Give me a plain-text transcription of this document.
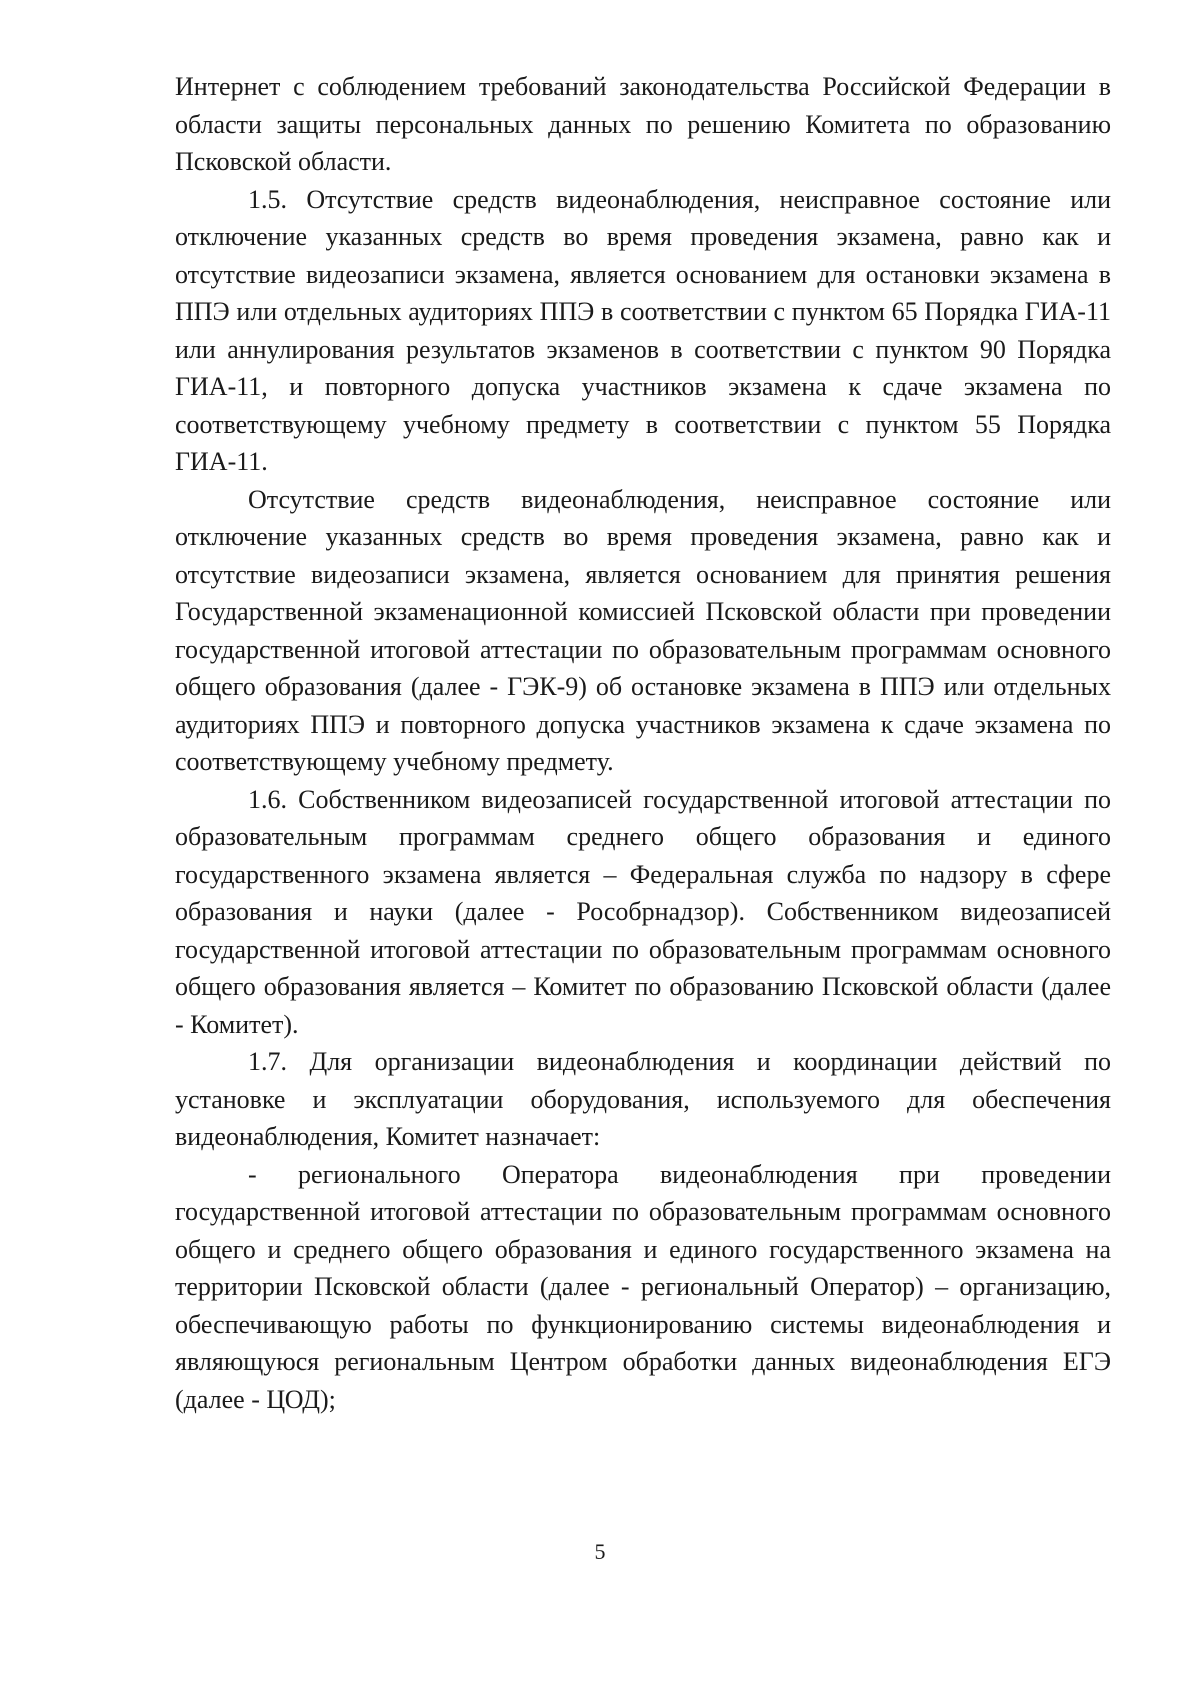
Интернет с соблюдением требований законодательства Российской Федерации в области защиты персональных данных по решению Комитета по образованию Псковской области.

1.5. Отсутствие средств видеонаблюдения, неисправное состояние или отключение указанных средств во время проведения экзамена, равно как и отсутствие видеозаписи экзамена, является основанием для остановки экзамена в ППЭ или отдельных аудиториях ППЭ в соответствии с пунктом 65 Порядка ГИА-11 или аннулирования результатов экзаменов в соответствии с пунктом 90 Порядка ГИА-11, и повторного допуска участников экзамена к сдаче экзамена по соответствующему учебному предмету в соответствии с пунктом 55 Порядка ГИА-11.

Отсутствие средств видеонаблюдения, неисправное состояние или отключение указанных средств во время проведения экзамена, равно как и отсутствие видеозаписи экзамена, является основанием для принятия решения Государственной экзаменационной комиссией Псковской области при проведении государственной итоговой аттестации по образовательным программам основного общего образования (далее - ГЭК-9) об остановке экзамена в ППЭ или отдельных аудиториях ППЭ и повторного допуска участников экзамена к сдаче экзамена по соответствующему учебному предмету.

1.6. Собственником видеозаписей государственной итоговой аттестации по образовательным программам среднего общего образования и единого государственного экзамена является – Федеральная служба по надзору в сфере образования и науки (далее - Рособрнадзор). Собственником видеозаписей государственной итоговой аттестации по образовательным программам основного общего образования является – Комитет по образованию Псковской области (далее - Комитет).

1.7. Для организации видеонаблюдения и координации действий по установке и эксплуатации оборудования, используемого для обеспечения видеонаблюдения, Комитет назначает:

- регионального Оператора видеонаблюдения при проведении государственной итоговой аттестации по образовательным программам основного общего и среднего общего образования и единого государственного экзамена на территории Псковской области (далее - региональный Оператор) – организацию, обеспечивающую работы по функционированию системы видеонаблюдения и являющуюся региональным Центром обработки данных видеонаблюдения ЕГЭ (далее - ЦОД);

5
